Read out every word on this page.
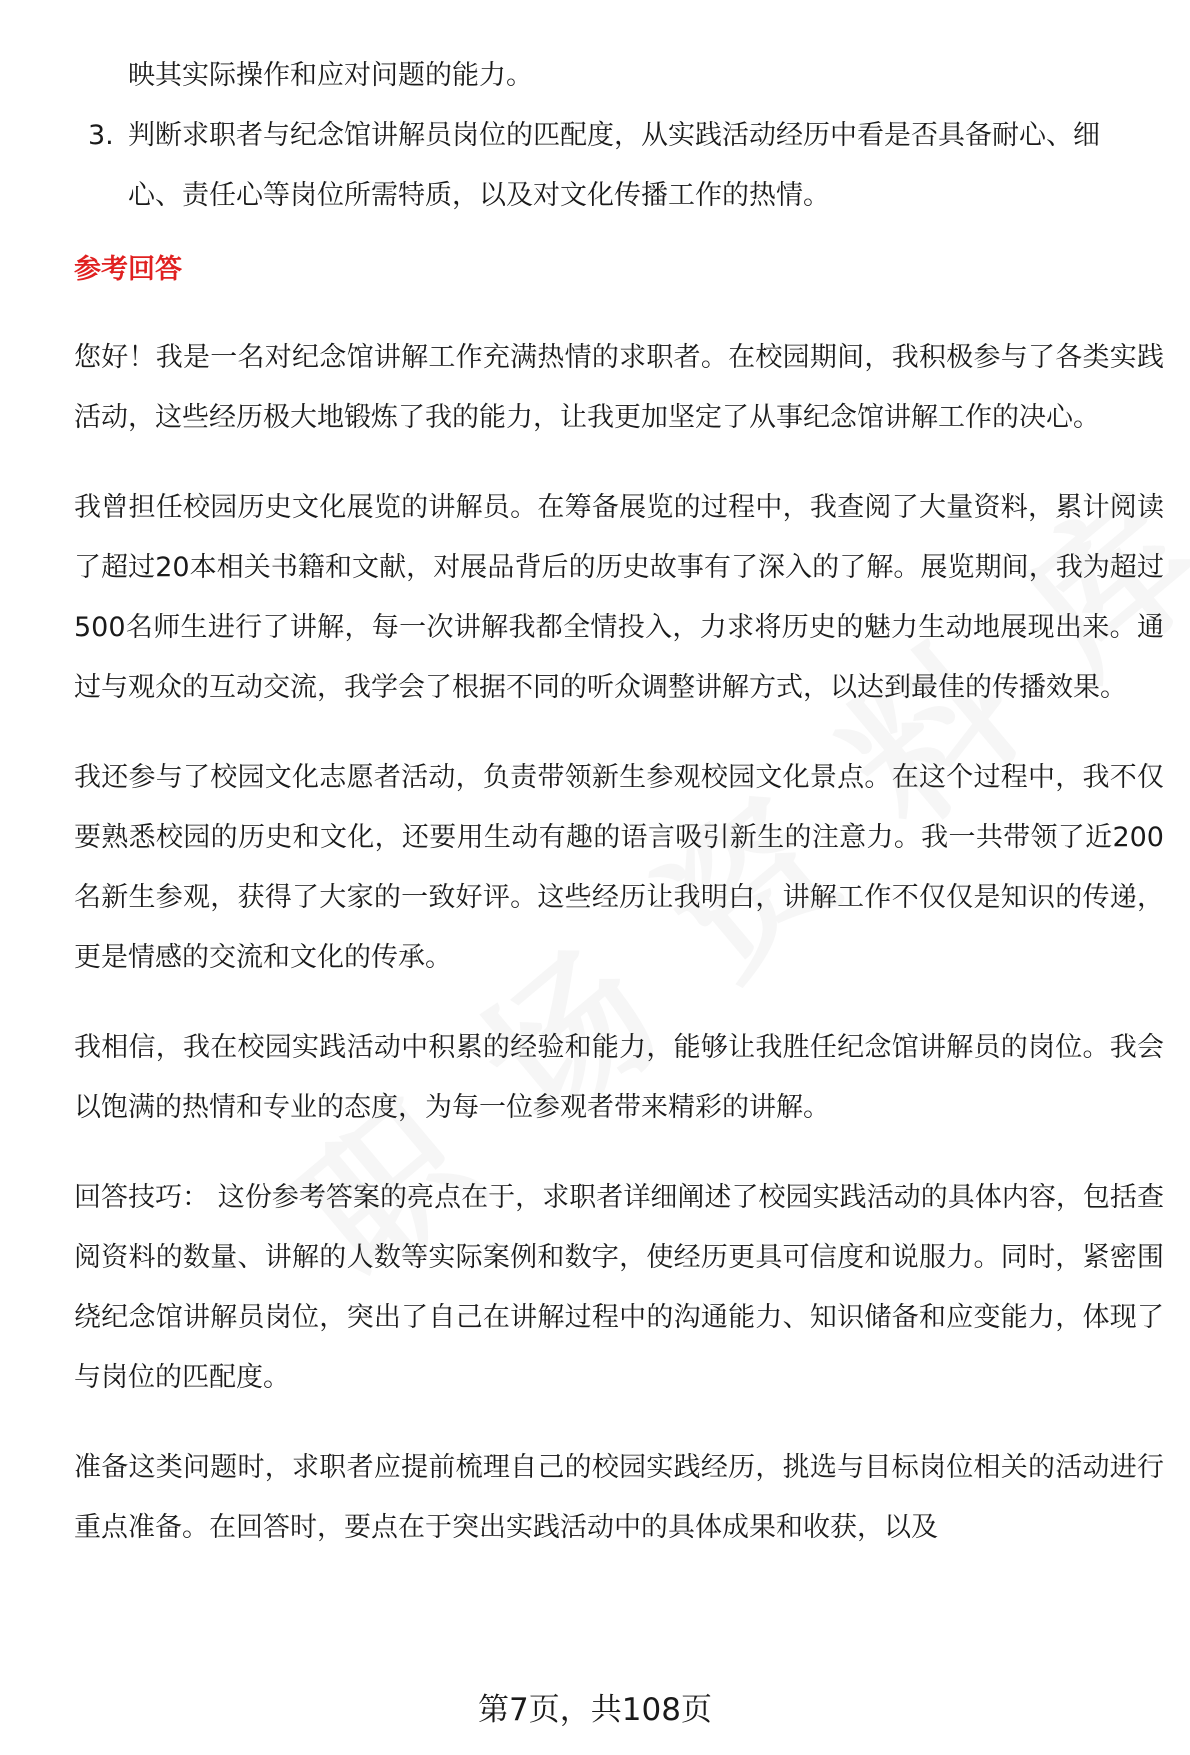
映其实际操作和应对问题的能力。
3. 判断求职者与纪念馆讲解员岗位的匹配度，从实践活动经历中看是否具备耐心、细心、责任心等岗位所需特质，以及对文化传播工作的热情。
参考回答

您好！我是一名对纪念馆讲解工作充满热情的求职者。在校园期间，我积极参与了各类实践活动，这些经历极大地锻炼了我的能力，让我更加坚定了从事纪念馆讲解工作的决心。

我曾担任校园历史文化展览的讲解员。在筹备展览的过程中，我查阅了大量资料，累计阅读了超过20本相关书籍和文献，对展品背后的历史故事有了深入的了解。展览期间，我为超过500名师生进行了讲解，每一次讲解我都全情投入，力求将历史的魅力生动地展现出来。通过与观众的互动交流，我学会了根据不同的听众调整讲解方式，以达到最佳的传播效果。

我还参与了校园文化志愿者活动，负责带领新生参观校园文化景点。在这个过程中，我不仅要熟悉校园的历史和文化，还要用生动有趣的语言吸引新生的注意力。我一共带领了近200名新生参观，获得了大家的一致好评。这些经历让我明白，讲解工作不仅仅是知识的传递，更是情感的交流和文化的传承。

我相信，我在校园实践活动中积累的经验和能力，能够让我胜任纪念馆讲解员的岗位。我会以饱满的热情和专业的态度，为每一位参观者带来精彩的讲解。

回答技巧： 这份参考答案的亮点在于，求职者详细阐述了校园实践活动的具体内容，包括查阅资料的数量、讲解的人数等实际案例和数字，使经历更具可信度和说服力。同时，紧密围绕纪念馆讲解员岗位，突出了自己在讲解过程中的沟通能力、知识储备和应变能力，体现了与岗位的匹配度。

准备这类问题时，求职者应提前梳理自己的校园实践经历，挑选与目标岗位相关的活动进行重点准备。在回答时，要点在于突出实践活动中的具体成果和收获，以及

第7页，共108页
